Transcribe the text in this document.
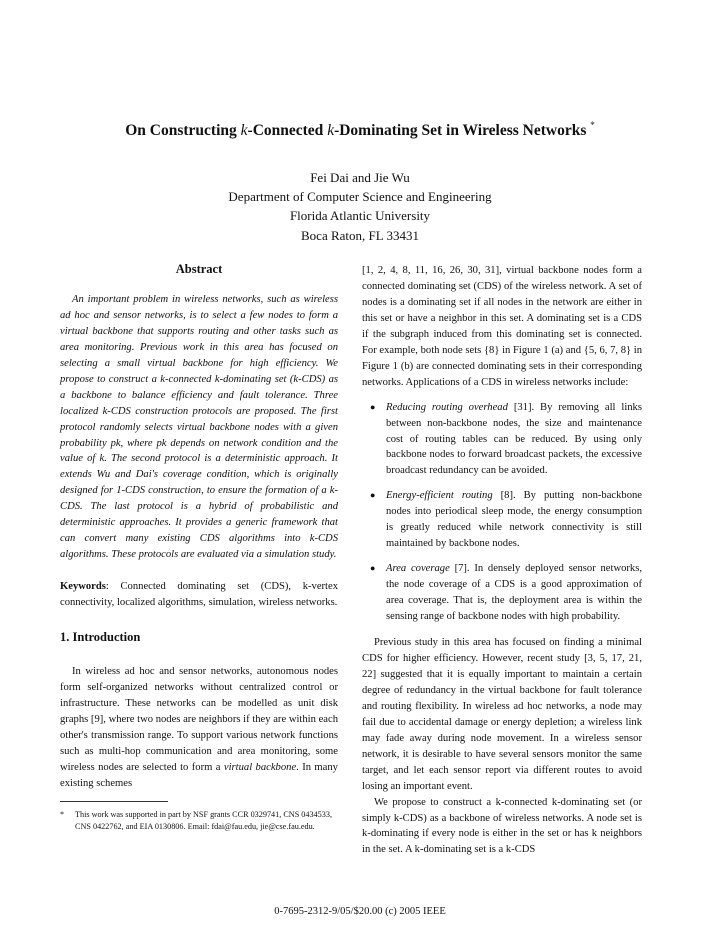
On Constructing k-Connected k-Dominating Set in Wireless Networks *
Fei Dai and Jie Wu
Department of Computer Science and Engineering
Florida Atlantic University
Boca Raton, FL 33431
Abstract

An important problem in wireless networks, such as wireless ad hoc and sensor networks, is to select a few nodes to form a virtual backbone that supports routing and other tasks such as area monitoring. Previous work in this area has focused on selecting a small virtual backbone for high efficiency. We propose to construct a k-connected k-dominating set (k-CDS) as a backbone to balance efficiency and fault tolerance. Three localized k-CDS construction protocols are proposed. The first protocol randomly selects virtual backbone nodes with a given probability pk, where pk depends on network condition and the value of k. The second protocol is a deterministic approach. It extends Wu and Dai's coverage condition, which is originally designed for 1-CDS construction, to ensure the formation of a k-CDS. The last protocol is a hybrid of probabilistic and deterministic approaches. It provides a generic framework that can convert many existing CDS algorithms into k-CDS algorithms. These protocols are evaluated via a simulation study.

Keywords: Connected dominating set (CDS), k-vertex connectivity, localized algorithms, simulation, wireless networks.

1. Introduction

In wireless ad hoc and sensor networks, autonomous nodes form self-organized networks without centralized control or infrastructure. These networks can be modelled as unit disk graphs [9], where two nodes are neighbors if they are within each other's transmission range. To support various network functions such as multi-hop communication and area monitoring, some wireless nodes are selected to form a virtual backbone. In many existing schemes

*	This work was supported in part by NSF grants CCR 0329741, CNS 0434533, CNS 0422762, and EIA 0130806. Email: fdai@fau.edu, jie@cse.fau.edu.

[1, 2, 4, 8, 11, 16, 26, 30, 31], virtual backbone nodes form a connected dominating set (CDS) of the wireless network. A set of nodes is a dominating set if all nodes in the network are either in this set or have a neighbor in this set. A dominating set is a CDS if the subgraph induced from this dominating set is connected. For example, both node sets {8} in Figure 1 (a) and {5, 6, 7, 8} in Figure 1 (b) are connected dominating sets in their corresponding networks. Applications of a CDS in wireless networks include:

● Reducing routing overhead [31]. By removing all links between non-backbone nodes, the size and maintenance cost of routing tables can be reduced. By using only backbone nodes to forward broadcast packets, the excessive broadcast redundancy can be avoided.
● Energy-efficient routing [8]. By putting non-backbone nodes into periodical sleep mode, the energy consumption is greatly reduced while network connectivity is still maintained by backbone nodes.
● Area coverage [7]. In densely deployed sensor networks, the node coverage of a CDS is a good approximation of area coverage. That is, the deployment area is within the sensing range of backbone nodes with high probability.

Previous study in this area has focused on finding a minimal CDS for higher efficiency. However, recent study [3, 5, 17, 21, 22] suggested that it is equally important to maintain a certain degree of redundancy in the virtual backbone for fault tolerance and routing flexibility. In wireless ad hoc networks, a node may fail due to accidental damage or energy depletion; a wireless link may fade away during node movement. In a wireless sensor network, it is desirable to have several sensors monitor the same target, and let each sensor report via different routes to avoid losing an important event.

We propose to construct a k-connected k-dominating set (or simply k-CDS) as a backbone of wireless networks. A node set is k-dominating if every node is either in the set or has k neighbors in the set. A k-dominating set is a k-CDS

0-7695-2312-9/05/$20.00 (c) 2005 IEEE
